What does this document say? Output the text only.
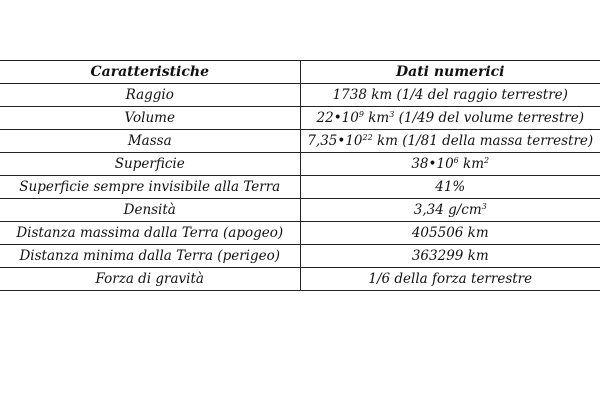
Caratteristiche	Dati numerici
Raggio	1738 km (1/4 del raggio terrestre)
Volume	$22•10^9$ $km^3$ (1/49 del volume terrestre)
Massa	$7,35•10^{22}$ km (1/81 della massa terrestre)
Superficie	$38•10^6$ $km^2$
Superficie sempre invisibile alla Terra	41%
Densità	3,34 $g/cm^3$
Distanza massima dalla Terra (apogeo)	405506 km
Distanza minima dalla Terra (perigeo)	363299 km
Forza di gravità	1/6 della forza terrestre
